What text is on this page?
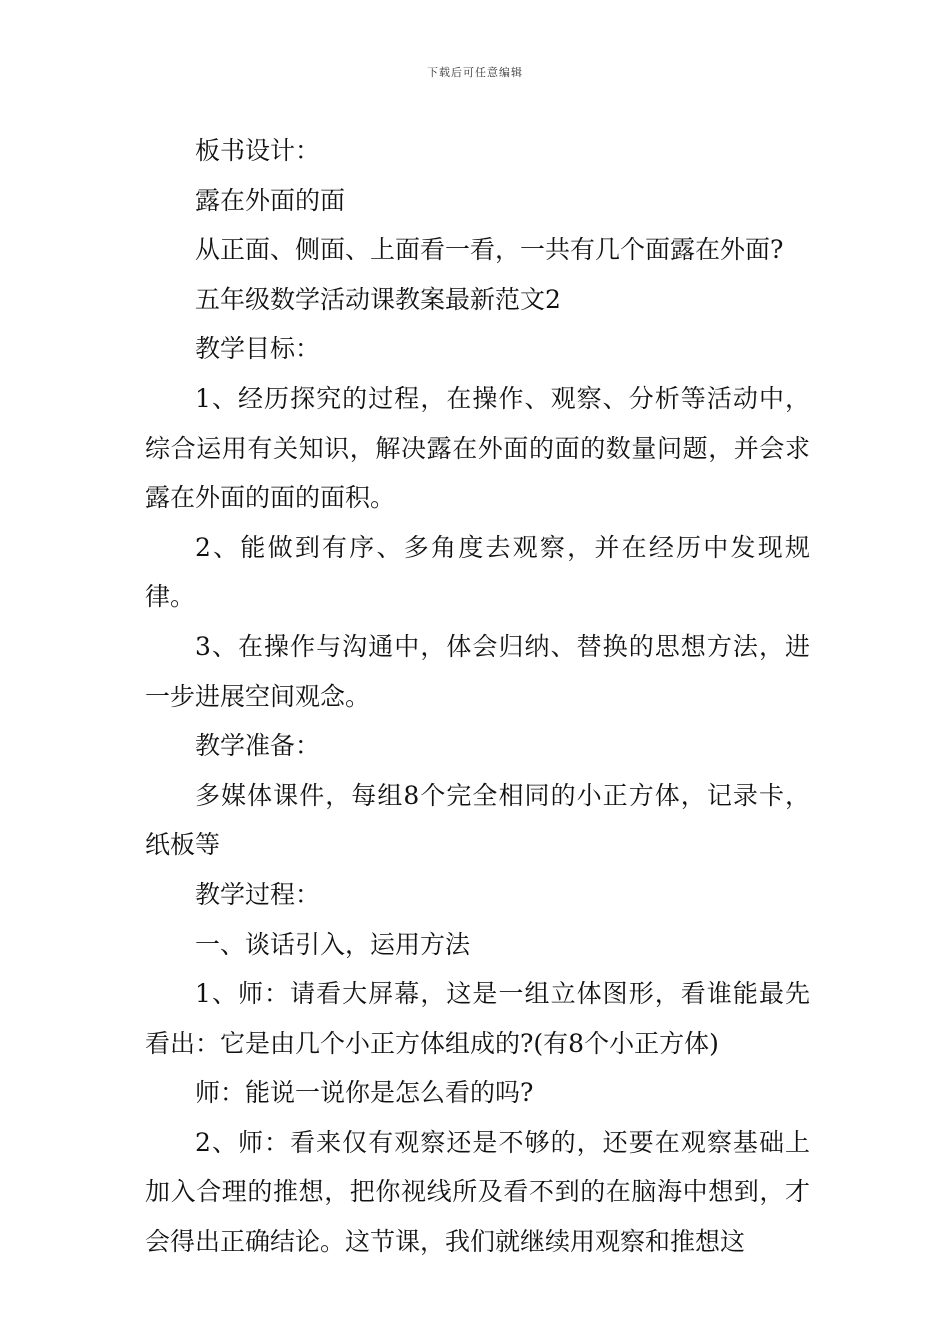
下载后可任意编辑

板书设计：

露在外面的面

从正面、侧面、上面看一看，一共有几个面露在外面?

五年级数学活动课教案最新范文2

教学目标：

1、经历探究的过程，在操作、观察、分析等活动中，综合运用有关知识，解决露在外面的面的数量问题，并会求露在外面的面的面积。

2、能做到有序、多角度去观察，并在经历中发现规律。

3、在操作与沟通中，体会归纳、替换的思想方法，进一步进展空间观念。

教学准备：

多媒体课件，每组8个完全相同的小正方体，记录卡，纸板等

教学过程：

一、谈话引入，运用方法

1、师：请看大屏幕，这是一组立体图形，看谁能最先看出：它是由几个小正方体组成的?(有8个小正方体)

师：能说一说你是怎么看的吗?

2、师：看来仅有观察还是不够的，还要在观察基础上加入合理的推想，把你视线所及看不到的在脑海中想到，才会得出正确结论。这节课，我们就继续用观察和推想这
